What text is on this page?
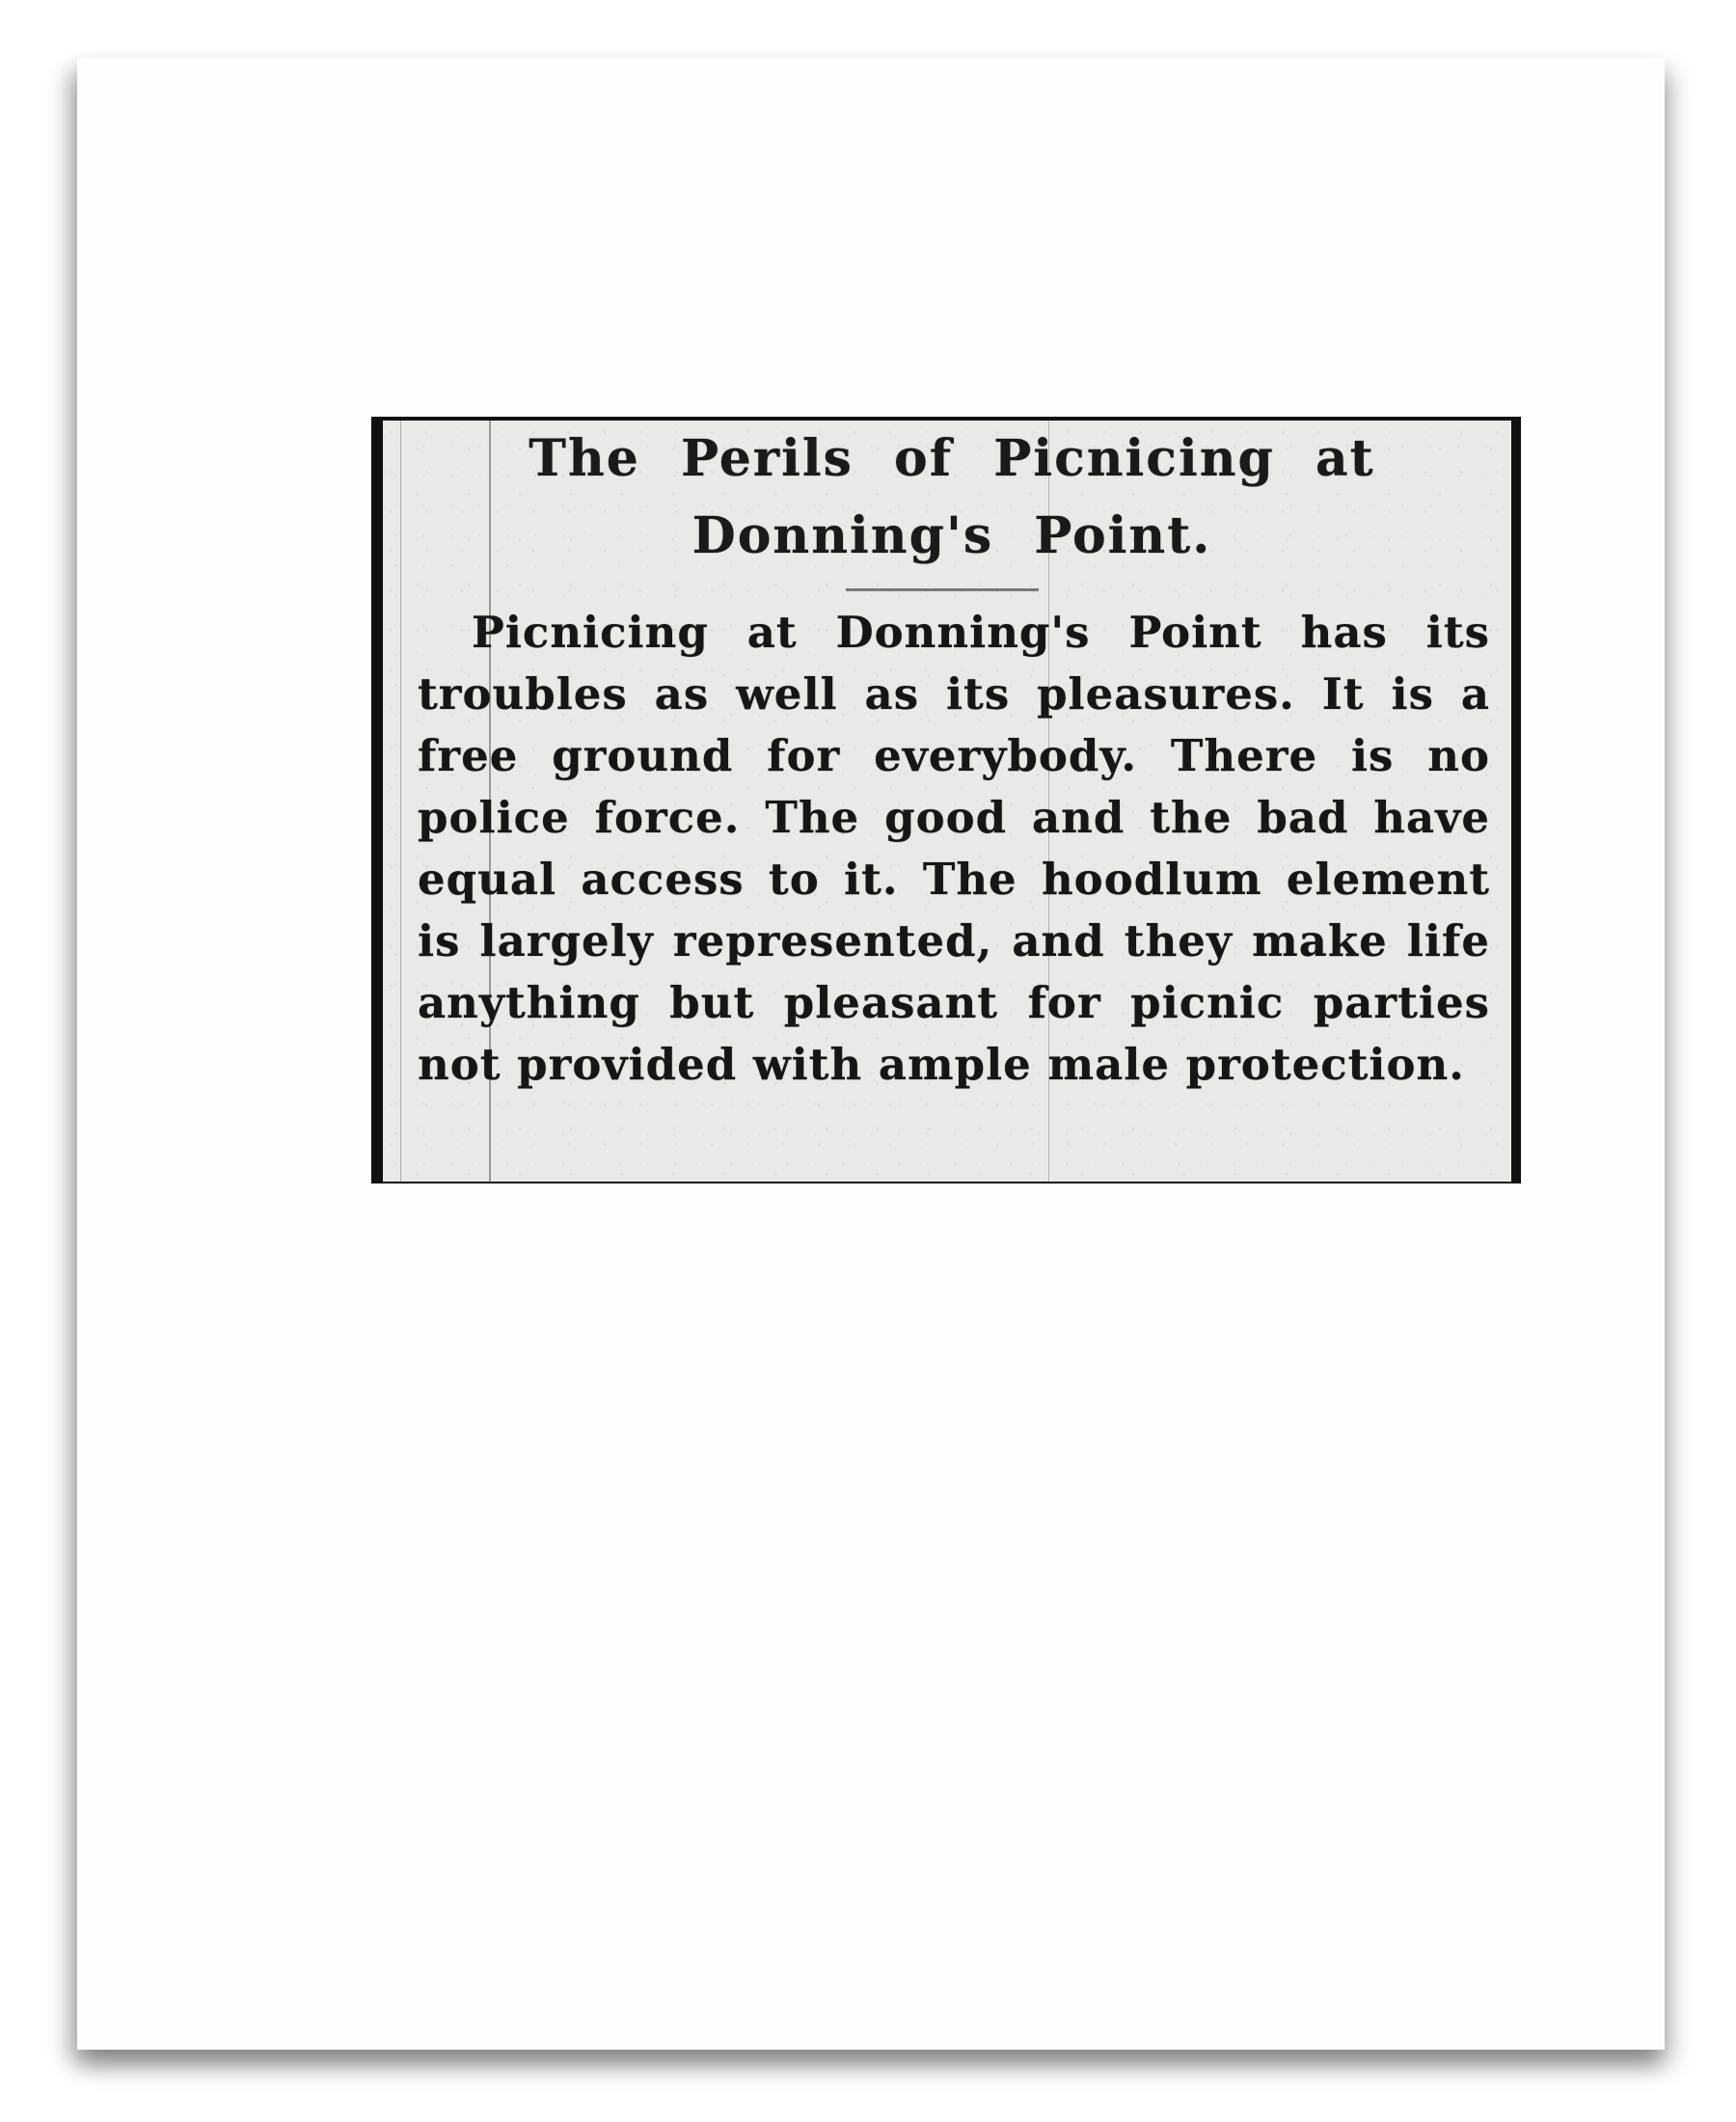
The Perils of Picnicing at Donning's Point.

Picnicing at Donning's Point has its troubles as well as its pleasures. It is a free ground for everybody. There is no police force. The good and the bad have equal access to it. The hoodlum element is largely represented, and they make life anything but pleasant for picnic parties not provided with ample male protection.
